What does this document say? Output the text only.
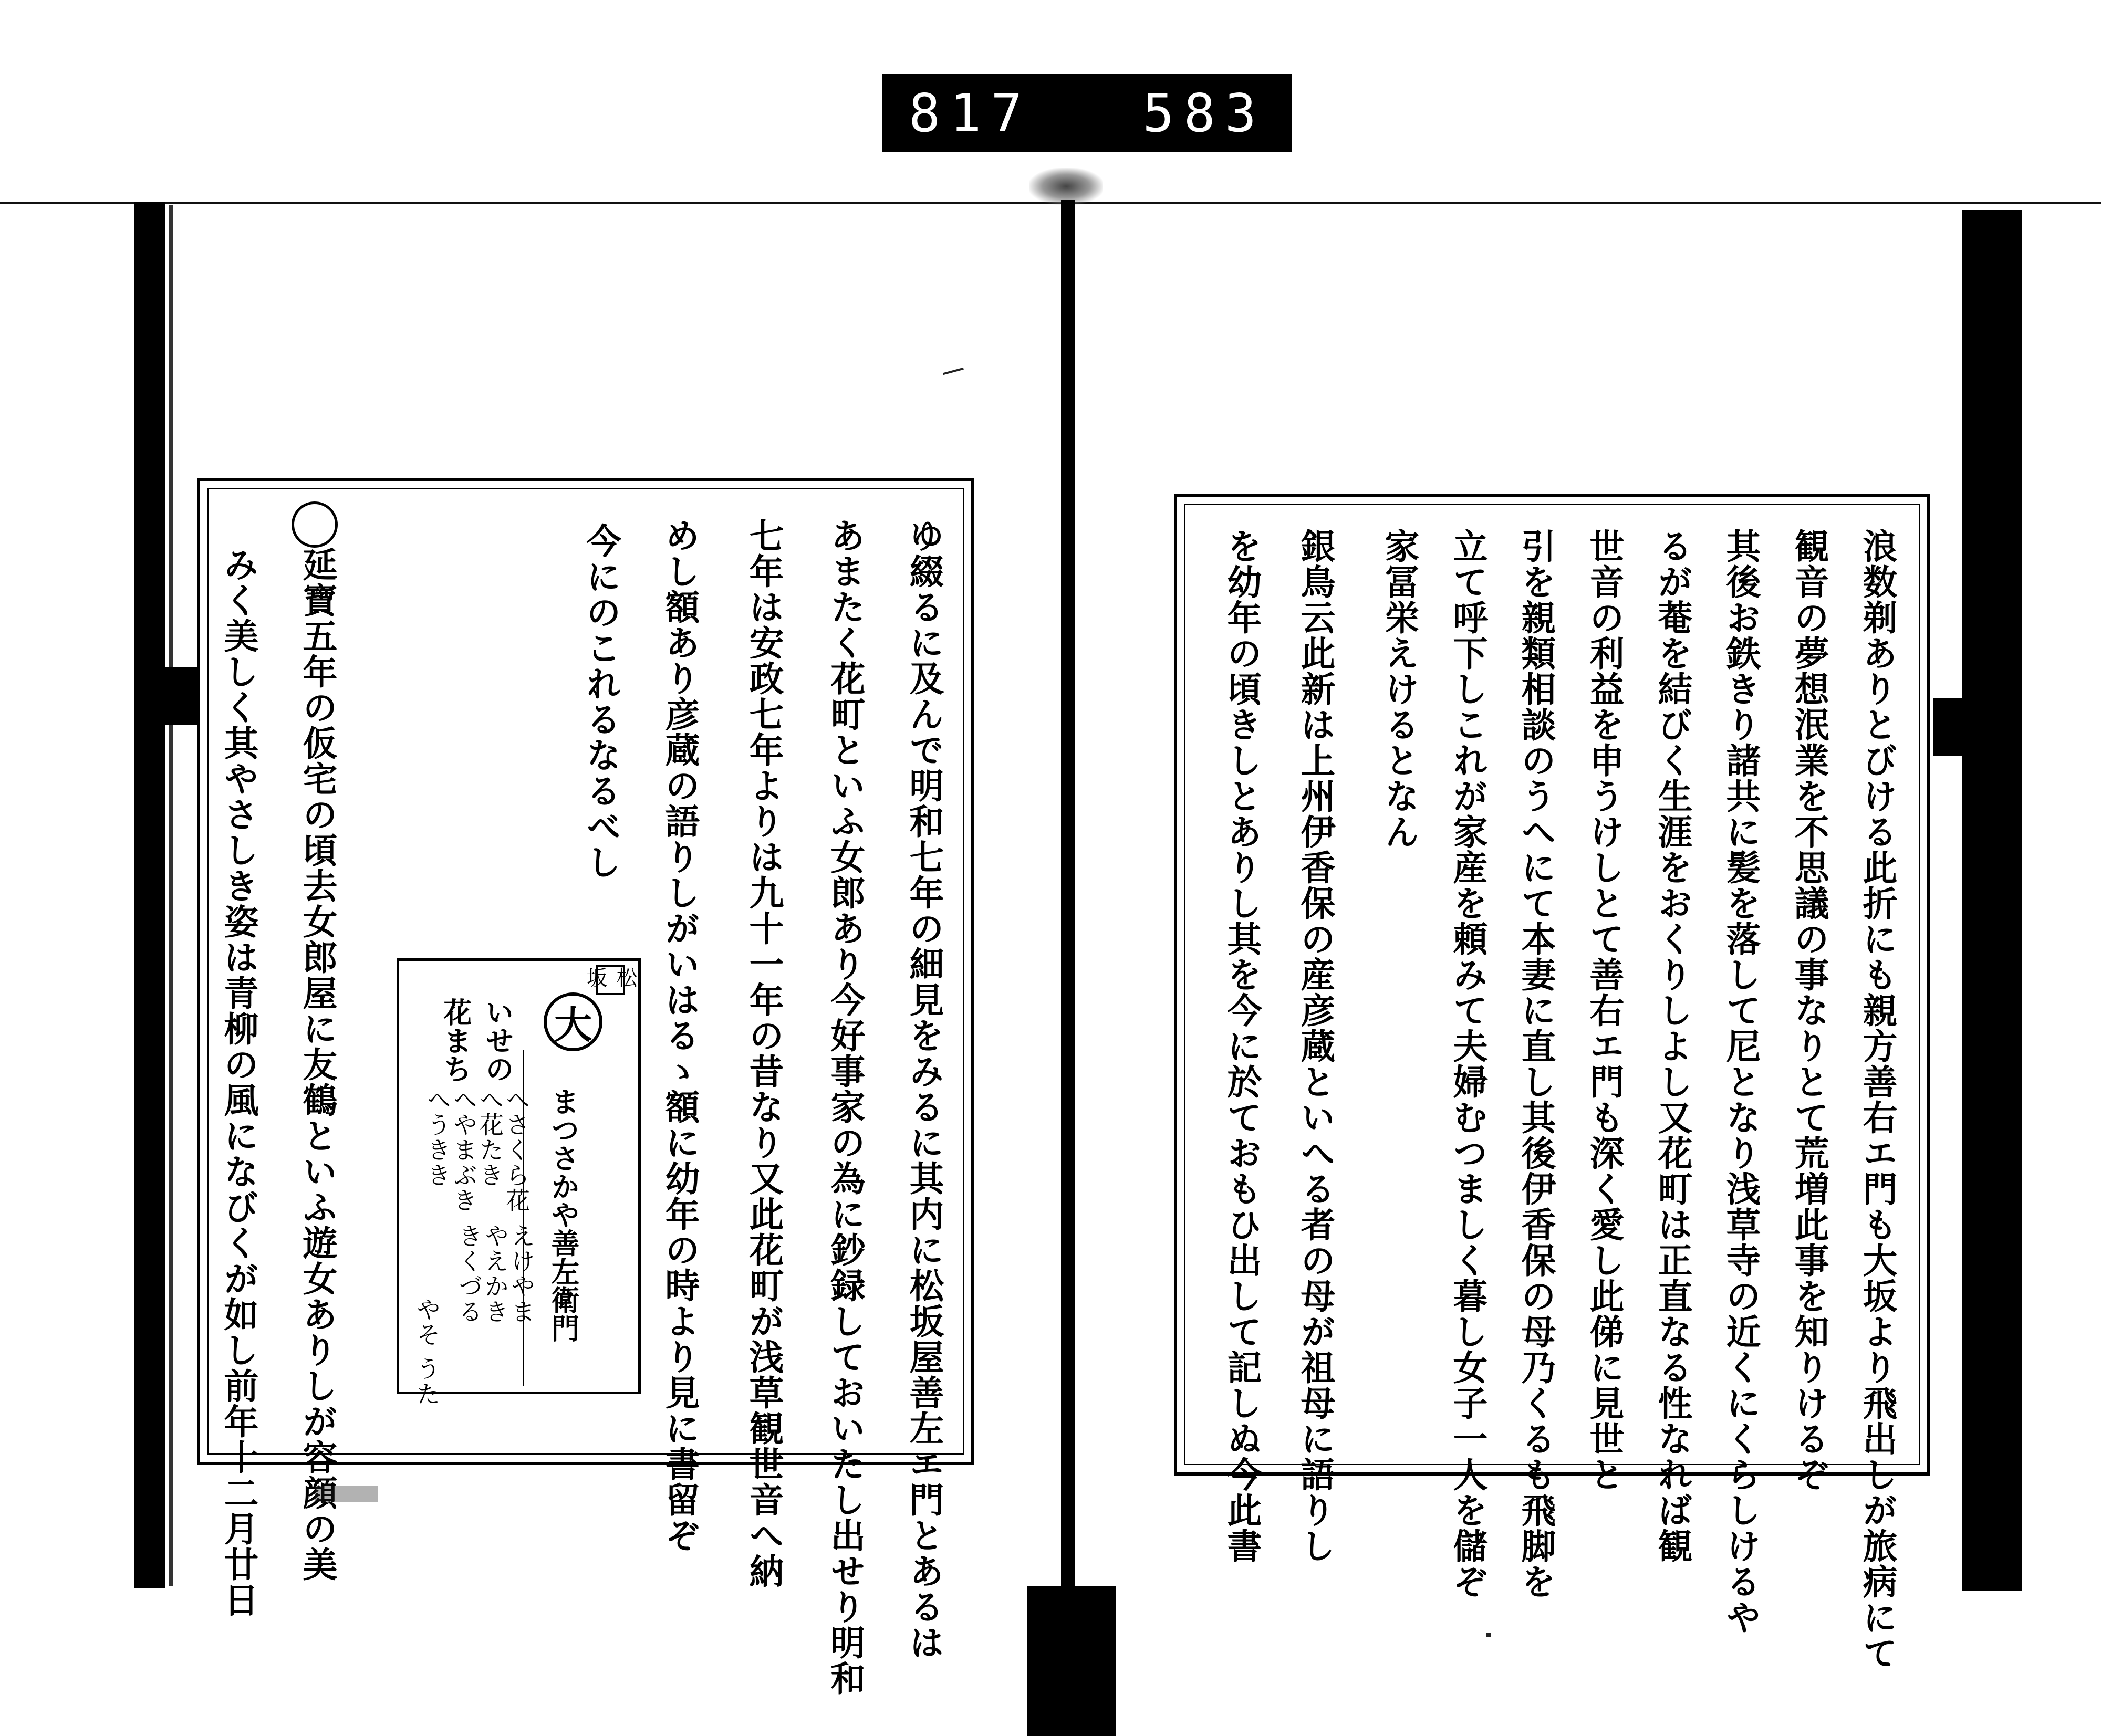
817 583
ゆ綴るに及んで明和七年の細見をみるに其内に松坂屋善左エ門とあるは
あまたく花町といふ女郎あり今好事家の為に鈔録しておいたし出せり明和
七年は安政七年よりは九十一年の昔なり又此花町が浅草観世音へ納
めし額あり彦蔵の語りしがいはるゝ額に幼年の時より見に書留ぞ
今にのこれるなるべし
延寶五年の仮宅の頃去女郎屋に友鶴といふ遊女ありしが容顔の美
みく美しく其やさしき姿は青柳の風になびくが如し前年十二月廿日	松坂
大
まつさかや善左衛門
いせの
花まち
へさくら花
へ花たき
へやまぶき
へうきき
えけやま
やえかき
きくづる
やそ うた	浪数剃ありとびける此折にも親方善右エ門も大坂より飛出しが旅病にて
観音の夢想泯業を不思議の事なりとて荒増此事を知りけるぞ
其後お鉄きり諸共に髪を落して尼となり浅草寺の近くにくらしけるや
るが菴を結びく生涯をおくりしよし又花町は正直なる性なれば観
世音の利益を申うけしとて善右エ門も深く愛し此俤に見世と
引を親類相談のうへにて本妻に直し其後伊香保の母乃くるも飛脚を
立て呼下しこれが家産を頼みて夫婦むつましく暮し女子一人を儲ぞ
家冨栄えけるとなん
銀鳥云此新は上州伊香保の産彦蔵といへる者の母が祖母に語りし
を幼年の頃きしとありし其を今に於ておもひ出して記しぬ今此書
